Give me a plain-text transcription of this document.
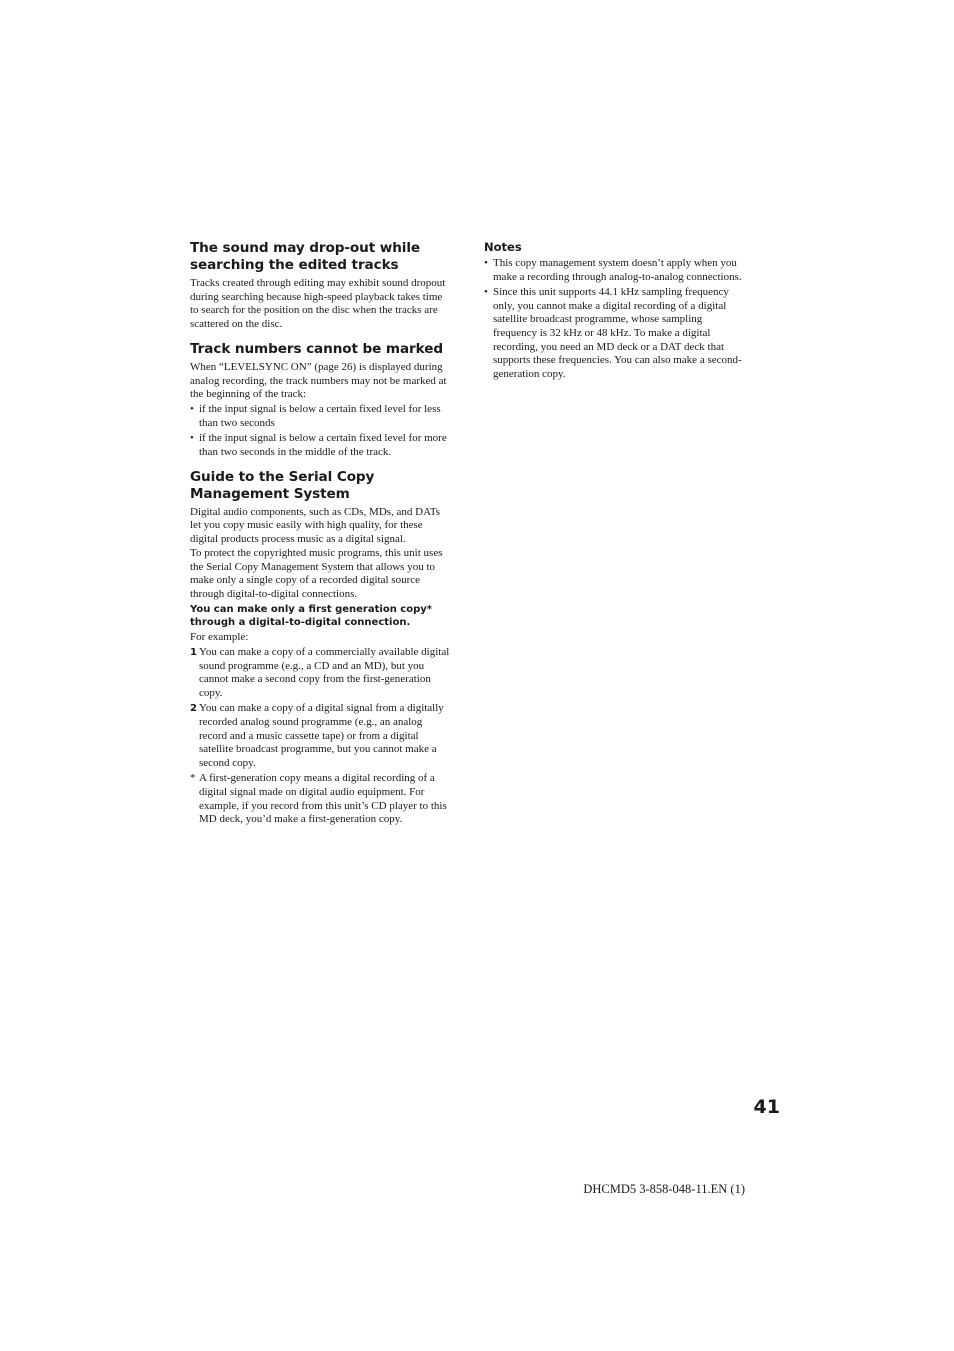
The sound may drop-out while searching the edited tracks

Tracks created through editing may exhibit sound dropout during searching because high-speed playback takes time to search for the position on the disc when the tracks are scattered on the disc.

Track numbers cannot be marked

When “LEVELSYNC ON” (page 26) is displayed during analog recording, the track numbers may not be marked at the beginning of the track:

• if the input signal is below a certain fixed level for less than two seconds
• if the input signal is below a certain fixed level for more than two seconds in the middle of the track.
Guide to the Serial Copy Management System

Digital audio components, such as CDs, MDs, and DATs let you copy music easily with high quality, for these digital products process music as a digital signal.

To protect the copyrighted music programs, this unit uses the Serial Copy Management System that allows you to make only a single copy of a recorded digital source through digital-to-digital connections.

You can make only a first generation copy* through a digital-to-digital connection.

For example:

1 You can make a copy of a commercially available digital sound programme (e.g., a CD and an MD), but you cannot make a second copy from the first-generation copy.
2 You can make a copy of a digital signal from a digitally recorded analog sound programme (e.g., an analog record and a music cassette tape) or from a digital satellite broadcast programme, but you cannot make a second copy.

* A first-generation copy means a digital recording of a digital signal made on digital audio equipment. For example, if you record from this unit’s CD player to this MD deck, you’d make a first-generation copy.

Notes
• This copy management system doesn’t apply when you make a recording through analog-to-analog connections.
• Since this unit supports 44.1 kHz sampling frequency only, you cannot make a digital recording of a digital satellite broadcast programme, whose sampling frequency is 32 kHz or 48 kHz. To make a digital recording, you need an MD deck or a DAT deck that supports these frequencies. You can also make a second-generation copy.
41
DHCMD5 3-858-048-11.EN (1)
